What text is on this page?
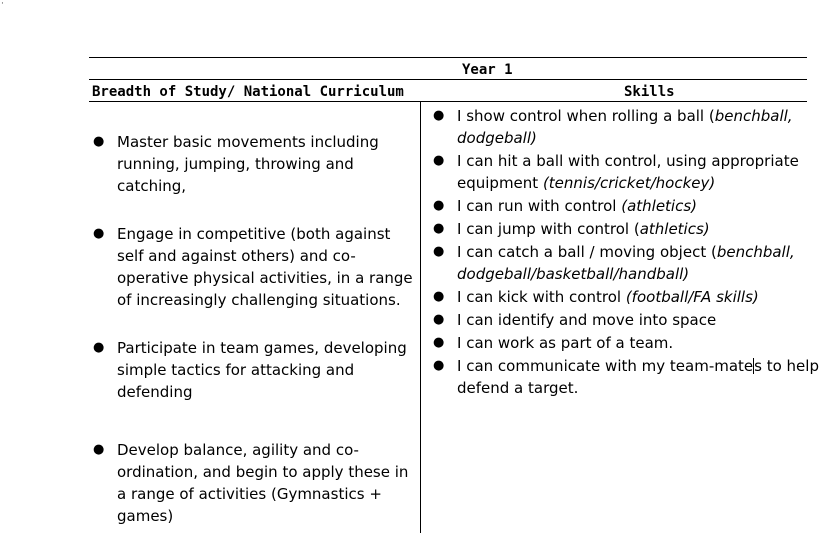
·
Year 1
Breadth of Study/ National Curriculum	Skills
● Master basic movements including running, jumping, throwing and catching,
● Engage in competitive (both against self and against others) and co-operative physical activities, in a range of increasingly challenging situations.
● Participate in team games, developing simple tactics for attacking and defending
● Develop balance, agility and co-ordination, and begin to apply these in a range of activities (Gymnastics + games)
● I show control when rolling a ball (benchball, dodgeball)
● I can hit a ball with control, using appropriate equipment (tennis/cricket/hockey)
● I can run with control (athletics)
● I can jump with control (athletics)
● I can catch a ball / moving object (benchball, dodgeball/basketball/handball)
● I can kick with control (football/FA skills)
● I can identify and move into space
● I can work as part of a team.
● I can communicate with my team-mates to help defend a target.
